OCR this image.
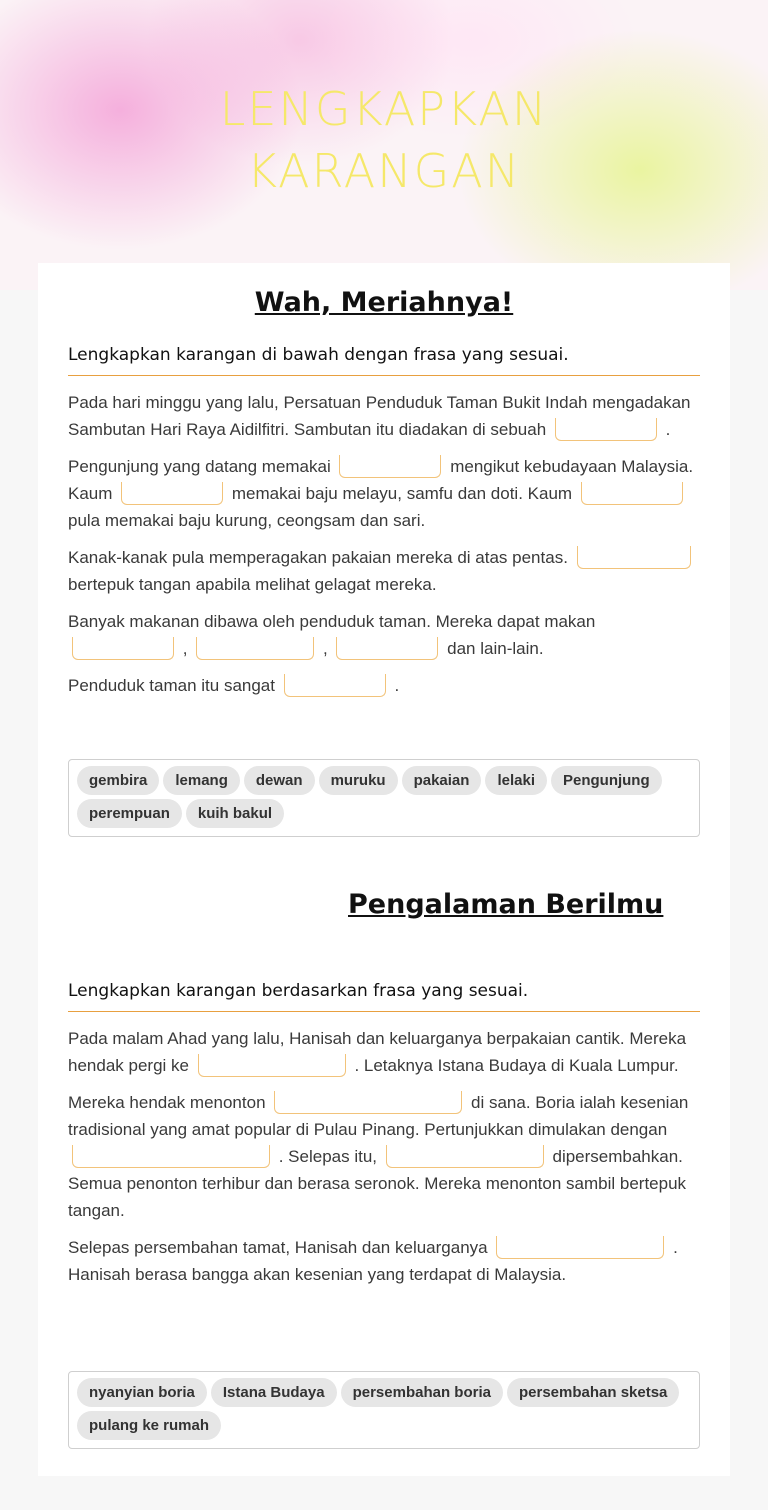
LENGKAPKAN
KARANGAN
Wah, Meriahnya!
Lengkapkan karangan di bawah dengan frasa yang sesuai.

Pada hari minggu yang lalu, Persatuan Penduduk Taman Bukit Indah mengadakan Sambutan Hari Raya Aidilfitri. Sambutan itu diadakan di sebuah	.

Pengunjung yang datang memakai	mengikut kebudayaan Malaysia. Kaum	memakai baju melayu, samfu dan doti. Kaum  pula memakai baju kurung, ceongsam dan sari.

Kanak-kanak pula memperagakan pakaian mereka di atas pentas.  bertepuk tangan apabila melihat gelagat mereka.

Banyak makanan dibawa oleh penduduk taman. Mereka dapat makan  ,	,	dan lain-lain.

Penduduk taman itu sangat	.

gembira lemang dewan muruku pakaian lelaki Pengunjungperempuan kuih bakul
Pengalaman Berilmu
Lengkapkan karangan berdasarkan frasa yang sesuai.

Pada malam Ahad yang lalu, Hanisah dan keluarganya berpakaian cantik. Mereka hendak pergi ke	. Letaknya Istana Budaya di Kuala Lumpur.

Mereka hendak menonton	di sana. Boria ialah kesenian tradisional yang amat popular di Pulau Pinang. Pertunjukkan dimulakan dengan  . Selepas itu,	dipersembahkan. Semua penonton terhibur dan berasa seronok. Mereka menonton sambil bertepuk tangan.

Selepas persembahan tamat, Hanisah dan keluarganya	. Hanisah berasa bangga akan kesenian yang terdapat di Malaysia.

nyanyian boria Istana Budaya persembahan boria persembahan sketsapulang ke rumah
